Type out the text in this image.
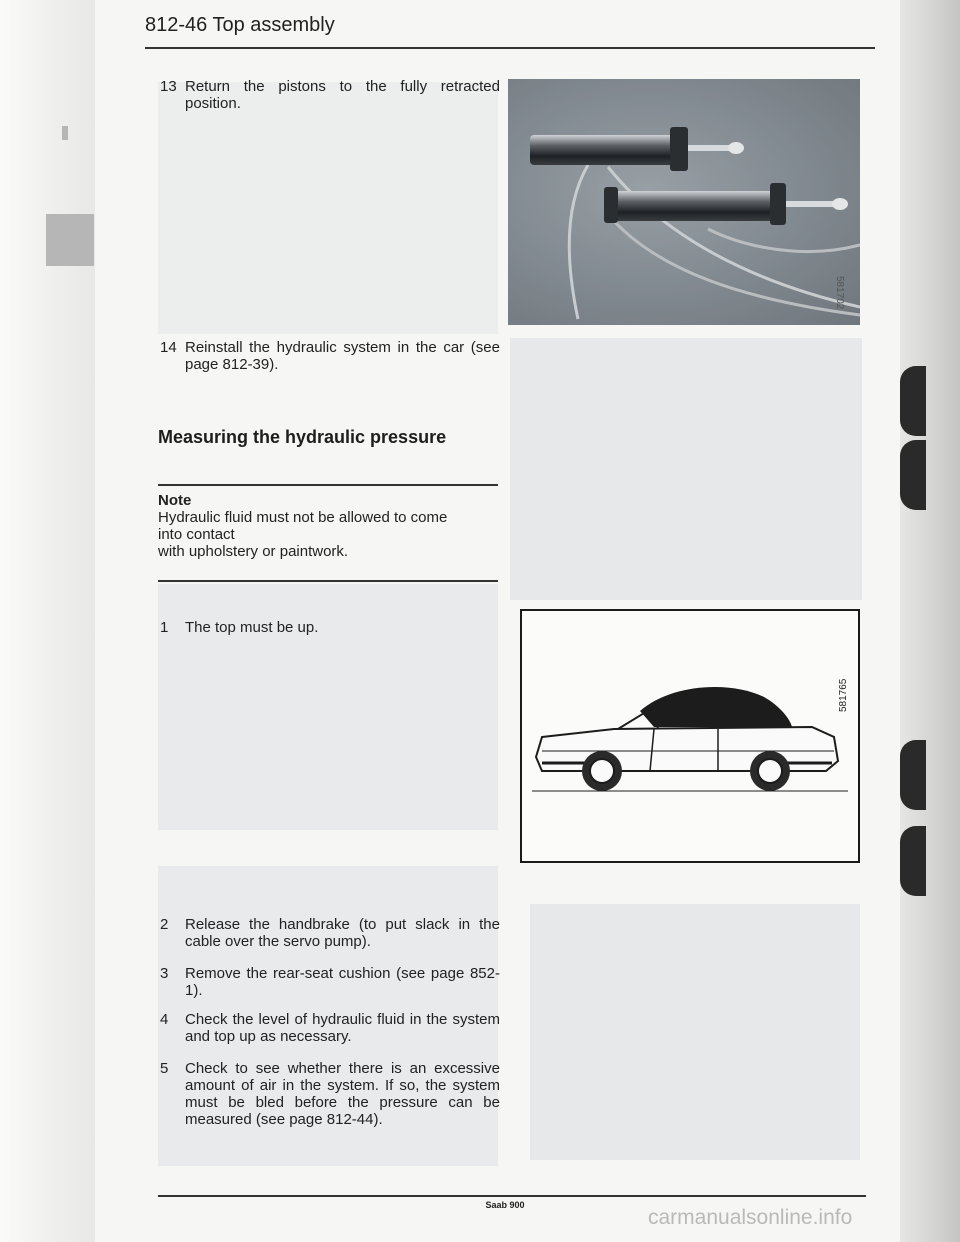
812-46 Top assembly
13 Return the pistons to the fully retracted position.
14 Reinstall the hydraulic system in the car (see page 812-39).
Measuring the hydraulic pressure
Note
Hydraulic fluid must not be allowed to come
into contact
with upholstery or paintwork.
1	The top must be up.
2	Release the handbrake (to put slack in the cable over the servo pump).
3	Remove the rear-seat cushion (see page 852-1).
4	Check the level of hydraulic fluid in the system and top up as necessary.
5	Check to see whether there is an excessive amount of air in the system. If so, the system must be bled before the pressure can be measured (see page 812-44).
581702
581765
Saab 900
carmanualsonline.info
